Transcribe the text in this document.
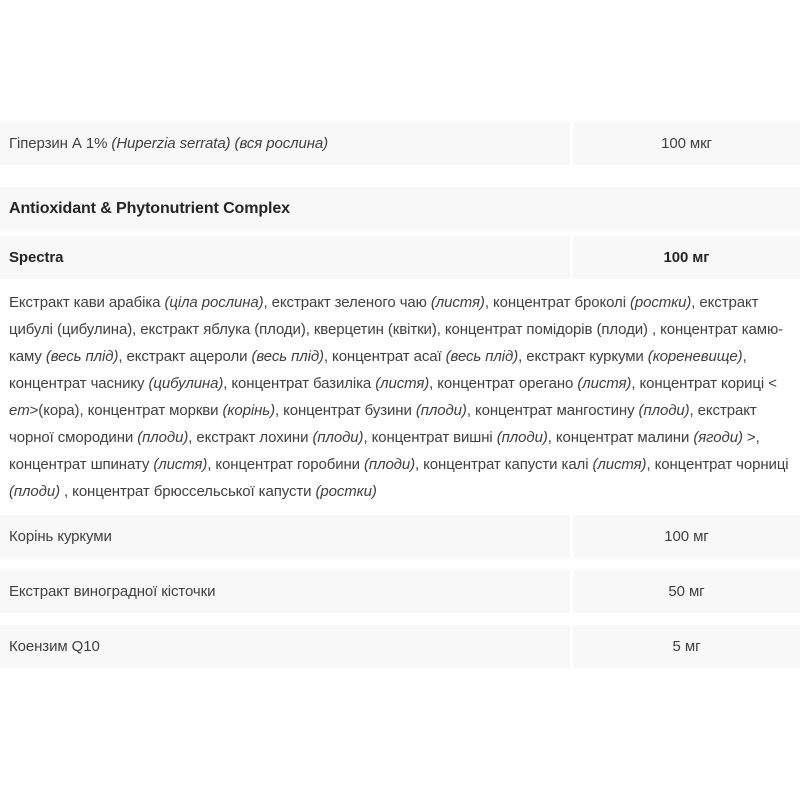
Гіперзин А 1% (Huperzia serrata) (вся рослина)	100 мкг
Antioxidant & Phytonutrient Complex
Spectra	100 мг
Екстракт кави арабіка (ціла рослина), екстракт зеленого чаю (листя), концентрат броколі (ростки), екстракт цибулі (цибулина), екстракт яблука (плоди), кверцетин (квітки), концентрат помідорів (плоди) , концентрат камю-каму (весь плід), екстракт ацероли (весь плід), концентрат асаї (весь плід), екстракт куркуми (кореневище), концентрат часнику (цибулина), концентрат базиліка (листя), концентрат орегано (листя), концентрат кориці < em>(кора), концентрат моркви (корінь), концентрат бузини (плоди), концентрат мангостину (плоди), екстракт чорної смородини (плоди), екстракт лохини (плоди), концентрат вишні (плоди), концентрат малини (ягоди) >, концентрат шпинату (листя), концентрат горобини (плоди), концентрат капусти калі (листя), концентрат чорниці (плоди) , концентрат брюссельської капусти (ростки)
Корінь куркуми	100 мг
Екстракт виноградної кісточки	50 мг
Коензим Q10	5 мг
